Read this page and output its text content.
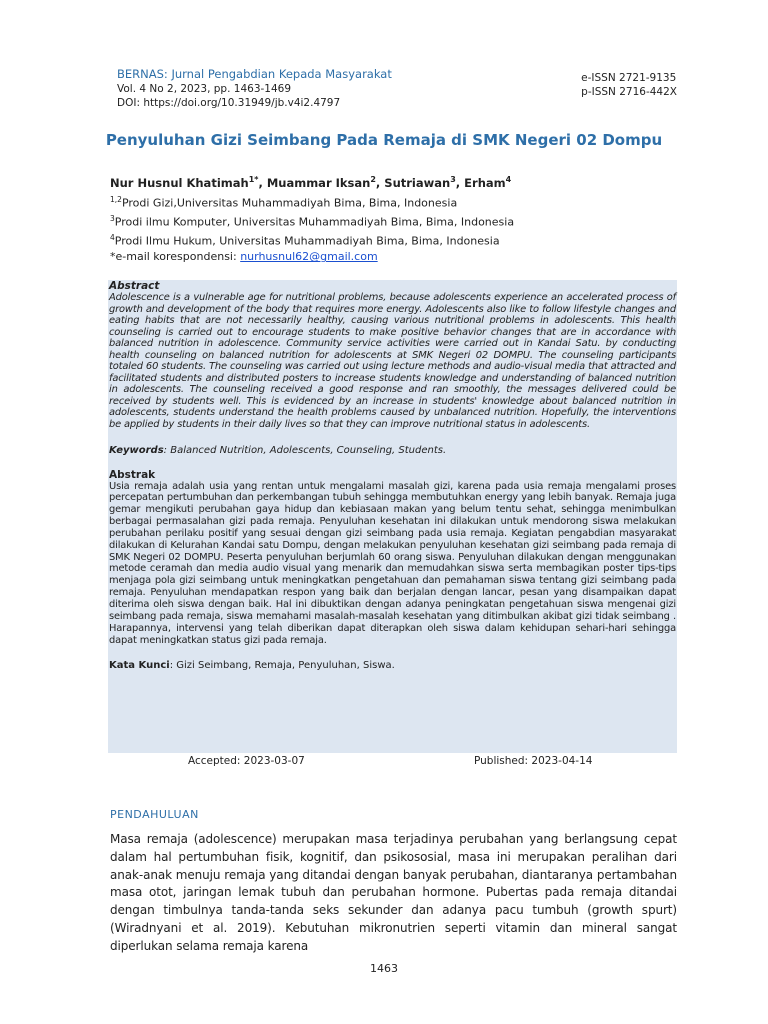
BERNAS: Jurnal Pengabdian Kepada Masyarakat
Vol. 4 No 2, 2023, pp. 1463-1469
DOI: https://doi.org/10.31949/jb.v4i2.4797
e-ISSN 2721-9135
p-ISSN 2716-442X
Penyuluhan Gizi Seimbang Pada Remaja di SMK Negeri 02 Dompu
Nur Husnul Khatimah$^{1*}$, Muammar Iksan$^2$, Sutriawan$^3$, Erham$^4$
$^{1,2}$Prodi Gizi,Universitas Muhammadiyah Bima, Bima, Indonesia
$^3$Prodi ilmu Komputer, Universitas Muhammadiyah Bima, Bima, Indonesia
$^4$Prodi Ilmu Hukum, Universitas Muhammadiyah Bima, Bima, Indonesia
*e-mail korespondensi: nurhusnul62@gmail.com
Abstract
Adolescence is a vulnerable age for nutritional problems, because adolescents experience an accelerated process of growth and development of the body that requires more energy. Adolescents also like to follow lifestyle changes and eating habits that are not necessarily healthy, causing various nutritional problems in adolescents. This health counseling is carried out to encourage students to make positive behavior changes that are in accordance with balanced nutrition in adolescence. Community service activities were carried out in Kandai Satu. by conducting health counseling on balanced nutrition for adolescents at SMK Negeri 02 DOMPU. The counseling participants totaled 60 students. The counseling was carried out using lecture methods and audio-visual media that attracted and facilitated students and distributed posters to increase students knowledge and understanding of balanced nutrition in adolescents. The counseling received a good response and ran smoothly, the messages delivered could be received by students well. This is evidenced by an increase in students' knowledge about balanced nutrition in adolescents, students understand the health problems caused by unbalanced nutrition. Hopefully, the interventions be applied by students in their daily lives so that they can improve nutritional status in adolescents.
Keywords: Balanced Nutrition, Adolescents, Counseling, Students.
Abstrak
Usia remaja adalah usia yang rentan untuk mengalami masalah gizi, karena pada usia remaja mengalami proses percepatan pertumbuhan dan perkembangan tubuh sehingga membutuhkan energy yang lebih banyak. Remaja juga gemar mengikuti perubahan gaya hidup dan kebiasaan makan yang belum tentu sehat, sehingga menimbulkan berbagai permasalahan gizi pada remaja. Penyuluhan kesehatan ini dilakukan untuk mendorong siswa melakukan perubahan perilaku positif yang sesuai dengan gizi seimbang pada usia remaja. Kegiatan pengabdian masyarakat dilakukan di Kelurahan Kandai satu Dompu, dengan melakukan penyuluhan kesehatan gizi seimbang pada remaja di SMK Negeri 02 DOMPU. Peserta penyuluhan berjumlah 60 orang siswa. Penyuluhan dilakukan dengan menggunakan metode ceramah dan media audio visual yang menarik dan memudahkan siswa serta membagikan poster tips-tips menjaga pola gizi seimbang untuk meningkatkan pengetahuan dan pemahaman siswa tentang gizi seimbang pada remaja. Penyuluhan mendapatkan respon yang baik dan berjalan dengan lancar, pesan yang disampaikan dapat diterima oleh siswa dengan baik. Hal ini dibuktikan dengan adanya peningkatan pengetahuan siswa mengenai gizi seimbang pada remaja, siswa memahami masalah-masalah kesehatan yang ditimbulkan akibat gizi tidak seimbang . Harapannya, intervensi yang telah diberikan dapat diterapkan oleh siswa dalam kehidupan sehari-hari sehingga dapat meningkatkan status gizi pada remaja.
Kata Kunci: Gizi Seimbang, Remaja, Penyuluhan, Siswa.
Accepted: 2023-03-07	Published: 2023-04-14
PENDAHULUAN
Masa remaja (adolescence) merupakan masa terjadinya perubahan yang berlangsung cepat dalam hal pertumbuhan fisik, kognitif, dan psikososial, masa ini merupakan peralihan dari anak-anak menuju remaja yang ditandai dengan banyak perubahan, diantaranya pertambahan masa otot, jaringan lemak tubuh dan perubahan hormone. Pubertas pada remaja ditandai dengan timbulnya tanda-tanda seks sekunder dan adanya pacu tumbuh (growth spurt)(Wiradnyani et al. 2019). Kebutuhan mikronutrien seperti vitamin dan mineral sangat diperlukan selama remaja karena
1463
